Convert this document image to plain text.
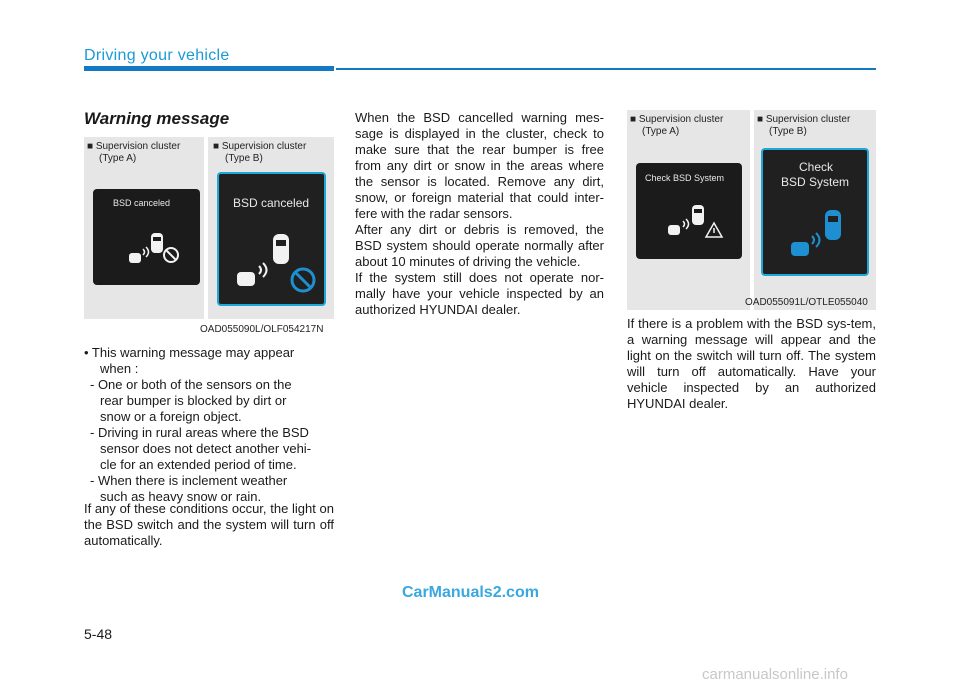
Driving your vehicle
Warning message
■ Supervision cluster
(Type A)
■ Supervision cluster
(Type B)
BSD canceled	BSD canceled
OAD055090L/OLF054217N
• This warning message may appear
when :
- One or both of the sensors on the
rear bumper is blocked by dirt or
snow or a foreign object.
- Driving in rural areas where the BSD
sensor does not detect another vehi-
cle for an extended period of time.
- When there is inclement weather
such as heavy snow or rain.
If any of these conditions occur, the light on the BSD switch and the system will turn off automatically.

When the BSD cancelled warning mes-sage is displayed in the cluster, check to make sure that the rear bumper is free from any dirt or snow in the areas where the sensor is located. Remove any dirt, snow, or foreign material that could inter-fere with the radar sensors.

After any dirt or debris is removed, the BSD system should operate normally after about 10 minutes of driving the vehicle.

If the system still does not operate nor-mally have your vehicle inspected by an authorized HYUNDAI dealer.

■ Supervision cluster
(Type A)
■ Supervision cluster
(Type B)
Check BSD System
Check
BSD System
OAD055091L/OTLE055040
If there is a problem with the BSD sys-tem, a warning message will appear and the light on the switch will turn off. The system will turn off automatically. Have your vehicle inspected by an authorized HYUNDAI dealer.
CarManuals2.com
5-48
carmanualsonline.info
